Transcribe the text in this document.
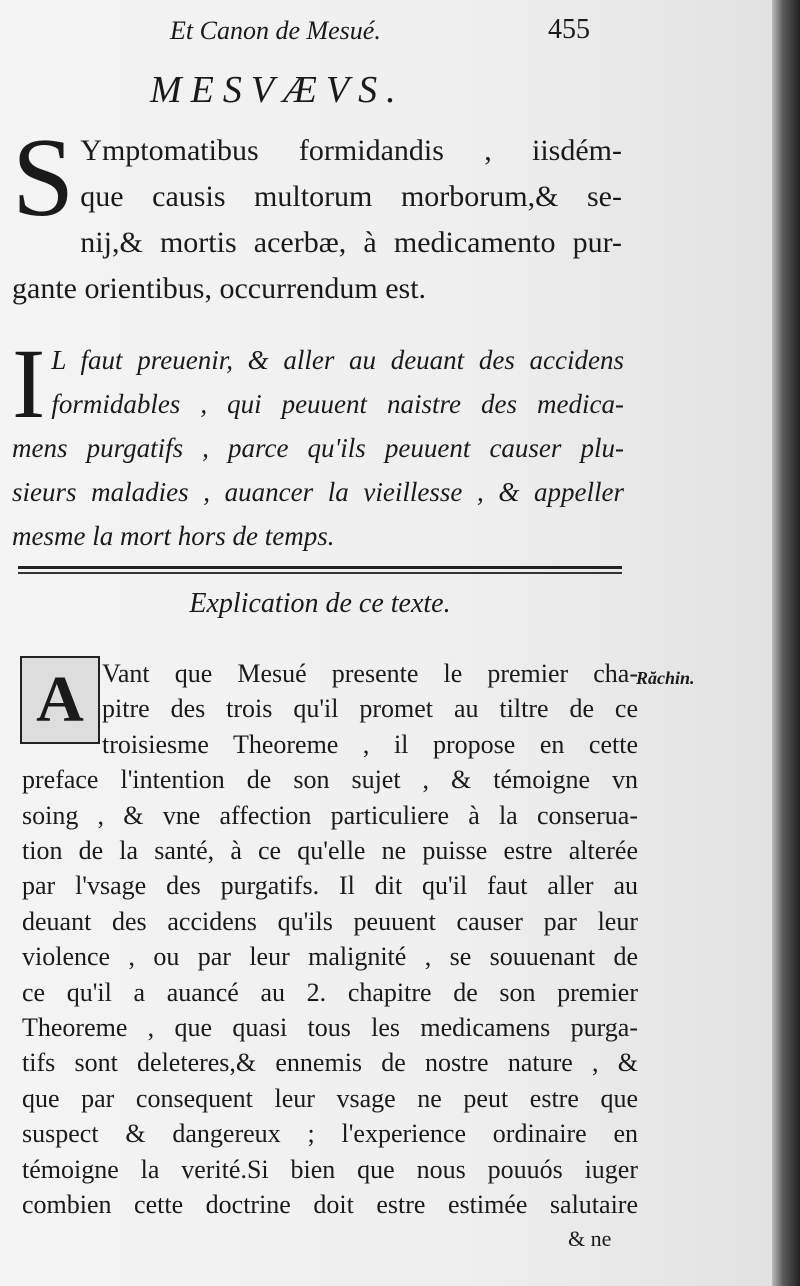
Et Canon de Mesué.	455
MESVÆVS.
S Ymptomatibus formidandis , iisdém-
que causis multorum morborum,& se-
nij,& mortis acerbæ, à medicamento pur-
gante orientibus, occurrendum est.
I L faut preuenir, & aller au deuant des accidens
formidables , qui peuuent naistre des medica-
mens purgatifs , parce qu'ils peuuent causer plu-
sieurs maladies , auancer la vieillesse , & appeller
mesme la mort hors de temps.
Explication de ce texte.
Vant que Mesué presente le premier cha-
pitre des trois qu'il promet au tiltre de ce
troisiesme Theoreme , il propose en cette
preface l'intention de son sujet , & témoigne vn
soing , & vne affection particuliere à la conserua-
tion de la santé, à ce qu'elle ne puisse estre alterée
par l'vsage des purgatifs. Il dit qu'il faut aller au
deuant des accidens qu'ils peuuent causer par leur
violence , ou par leur malignité , se souuenant de
ce qu'il a auancé au 2. chapitre de son premier
Theoreme , que quasi tous les medicamens purga-
tifs sont deleteres,& ennemis de nostre nature , &
que par consequent leur vsage ne peut estre que
suspect & dangereux ; l'experience ordinaire en
témoigne la verité.Si bien que nous pouuós iuger
combien cette doctrine doit estre estimée salutaire
A	Răchin.
& ne
